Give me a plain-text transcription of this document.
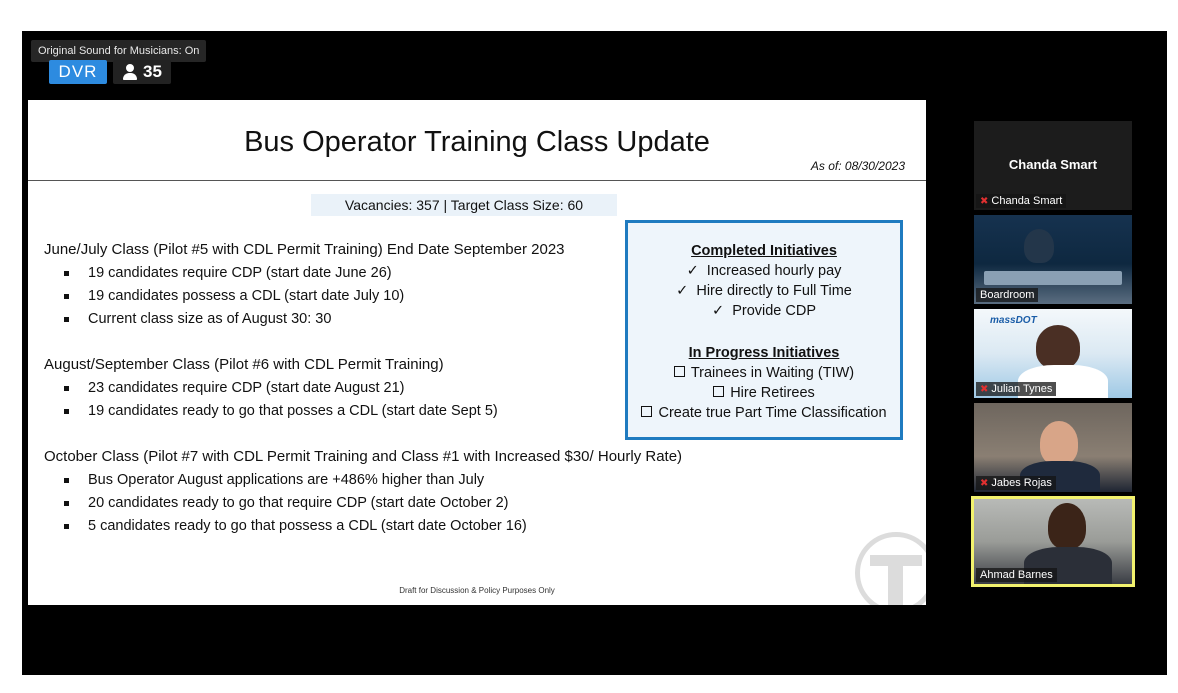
Original Sound for Musicians: On
DVR	35
Bus Operator Training Class Update
As of: 08/30/2023
Vacancies: 357 | Target Class Size: 60
June/July Class (Pilot #5 with CDL Permit Training) End Date September 2023
19 candidates require CDP (start date June 26)
19 candidates possess a CDL (start date July 10)
Current class size as of August 30: 30
August/September Class (Pilot #6 with CDL Permit Training)
23 candidates require CDP (start date August 21)
19 candidates ready to go that posses a CDL (start date Sept 5)
October Class (Pilot #7 with CDL Permit Training and Class #1 with Increased $30/ Hourly Rate)
Bus Operator August applications are +486% higher than July
20 candidates ready to go that require CDP (start date October 2)
5 candidates ready to go that possess a CDL (start date October 16)
Completed Initiatives
✓  Increased hourly pay
✓  Hire directly to Full Time
✓  Provide CDP
In Progress Initiatives
Trainees in Waiting (TIW)
Hire Retirees
Create true Part Time Classification
Draft for Discussion & Policy Purposes Only
Chanda Smart
✖ Chanda Smart
Boardroom
massDOT
✖ Julian Tynes
✖ Jabes Rojas
Ahmad Barnes
